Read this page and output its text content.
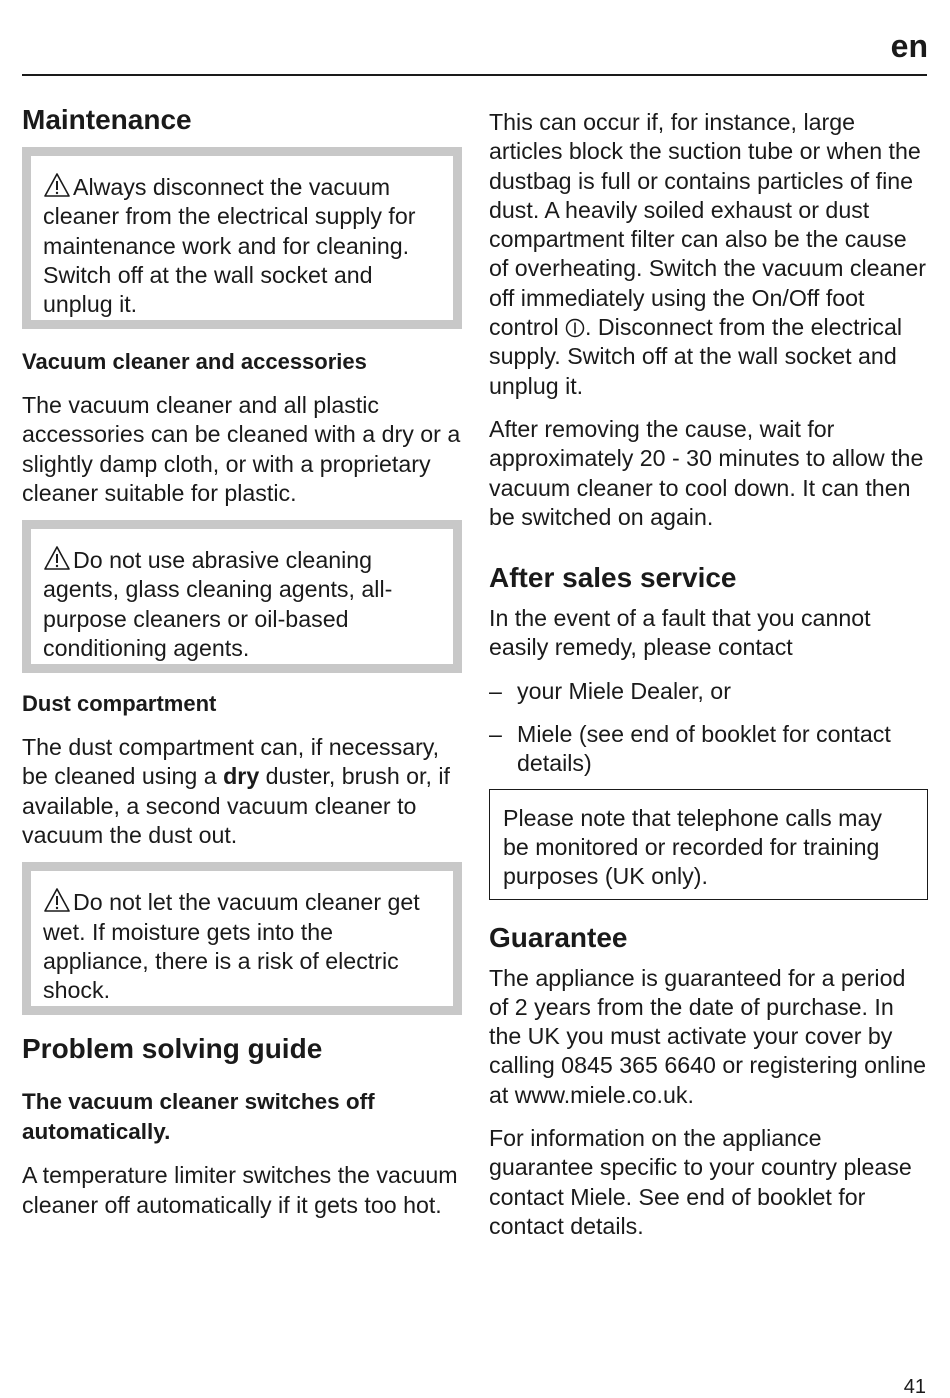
en
Maintenance

Always disconnect the vacuum cleaner from the electrical supply for maintenance work and for cleaning. Switch off at the wall socket and unplug it.

Vacuum cleaner and accessories

The vacuum cleaner and all plastic accessories can be cleaned with a dry or a slightly damp cloth, or with a proprietary cleaner suitable for plastic.

Do not use abrasive cleaning agents, glass cleaning agents, all-purpose cleaners or oil-based conditioning agents.

Dust compartment

The dust compartment can, if necessary, be cleaned using a dry duster, brush or, if available, a second vacuum cleaner to vacuum the dust out.

Do not let the vacuum cleaner get wet. If moisture gets into the appliance, there is a risk of electric shock.

Problem solving guide
The vacuum cleaner switches off automatically.

A temperature limiter switches the vacuum cleaner off automatically if it gets too hot.

This can occur if, for instance, large articles block the suction tube or when the dustbag is full or contains particles of fine dust. A heavily soiled exhaust or dust compartment filter can also be the cause of overheating. Switch the vacuum cleaner off immediately using the On/Off foot control . Disconnect from the electrical supply. Switch off at the wall socket and unplug it.

After removing the cause, wait for approximately 20 - 30 minutes to allow the vacuum cleaner to cool down. It can then be switched on again.

After sales service

In the event of a fault that you cannot easily remedy, please contact

– your Miele Dealer, or
– Miele (see end of booklet for contact details)

Please note that telephone calls may be monitored or recorded for training purposes (UK only).

Guarantee

The appliance is guaranteed for a period of 2 years from the date of purchase. In the UK you must activate your cover by calling 0845 365 6640 or registering online at www.miele.co.uk.

For information on the appliance guarantee specific to your country please contact Miele. See end of booklet for contact details.

41
